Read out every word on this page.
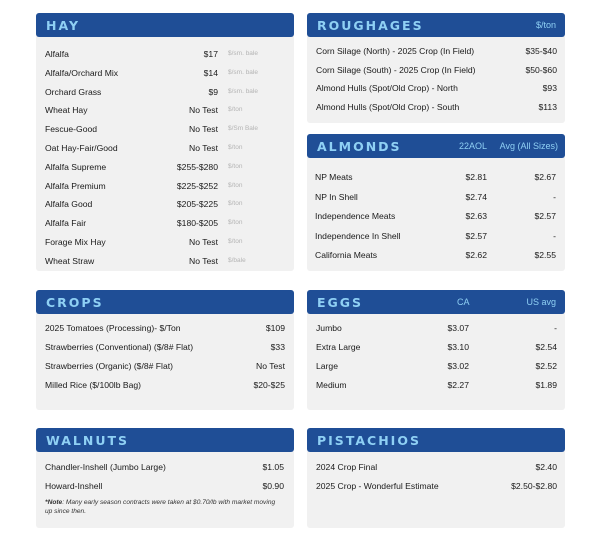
HAY
Alfalfa	$17 $/sm. bale
Alfalfa/Orchard Mix	$14 $/sm. bale
Orchard Grass	$9 $/sm. bale
Wheat Hay	No Test $/ton
Fescue-Good	No Test $/Sm Bale
Oat Hay-Fair/Good	No Test $/ton
Alfalfa Supreme	$255-$280 $/ton
Alfalfa Premium	$225-$252 $/ton
Alfalfa Good	$205-$225 $/ton
Alfalfa Fair	$180-$205 $/ton
Forage Mix Hay	No Test $/ton
Wheat Straw	No Test $/bale
ROUGHAGES	$/ton
Corn Silage (North) - 2025 Crop (In Field)	$35-$40
Corn Silage (South) - 2025 Crop (In Field)	$50-$60
Almond Hulls (Spot/Old Crop) - North	$93
Almond Hulls (Spot/Old Crop) - South	$113
ALMONDS	22AOL Avg (All Sizes)
NP Meats	$2.81	$2.67
NP In Shell	$2.74	-
Independence Meats	$2.63	$2.57
Independence In Shell	$2.57	-
California Meats	$2.62	$2.55
CROPS
2025 Tomatoes (Processing)- $/Ton	$109
Strawberries (Conventional) ($/8# Flat)	$33
Strawberries (Organic) ($/8# Flat)	No Test
Milled Rice ($/100lb Bag)	$20-$25
EGGS	CA	US avg
Jumbo	$3.07	-
Extra Large	$3.10	$2.54
Large	$3.02	$2.52
Medium	$2.27	$1.89
WALNUTS
Chandler-Inshell (Jumbo Large)	$1.05
Howard-Inshell	$0.90
*Note: Many early season contracts were taken at $0.70/lb with market moving up since then.
PISTACHIOS
2024 Crop Final	$2.40
2025 Crop - Wonderful Estimate	$2.50-$2.80
